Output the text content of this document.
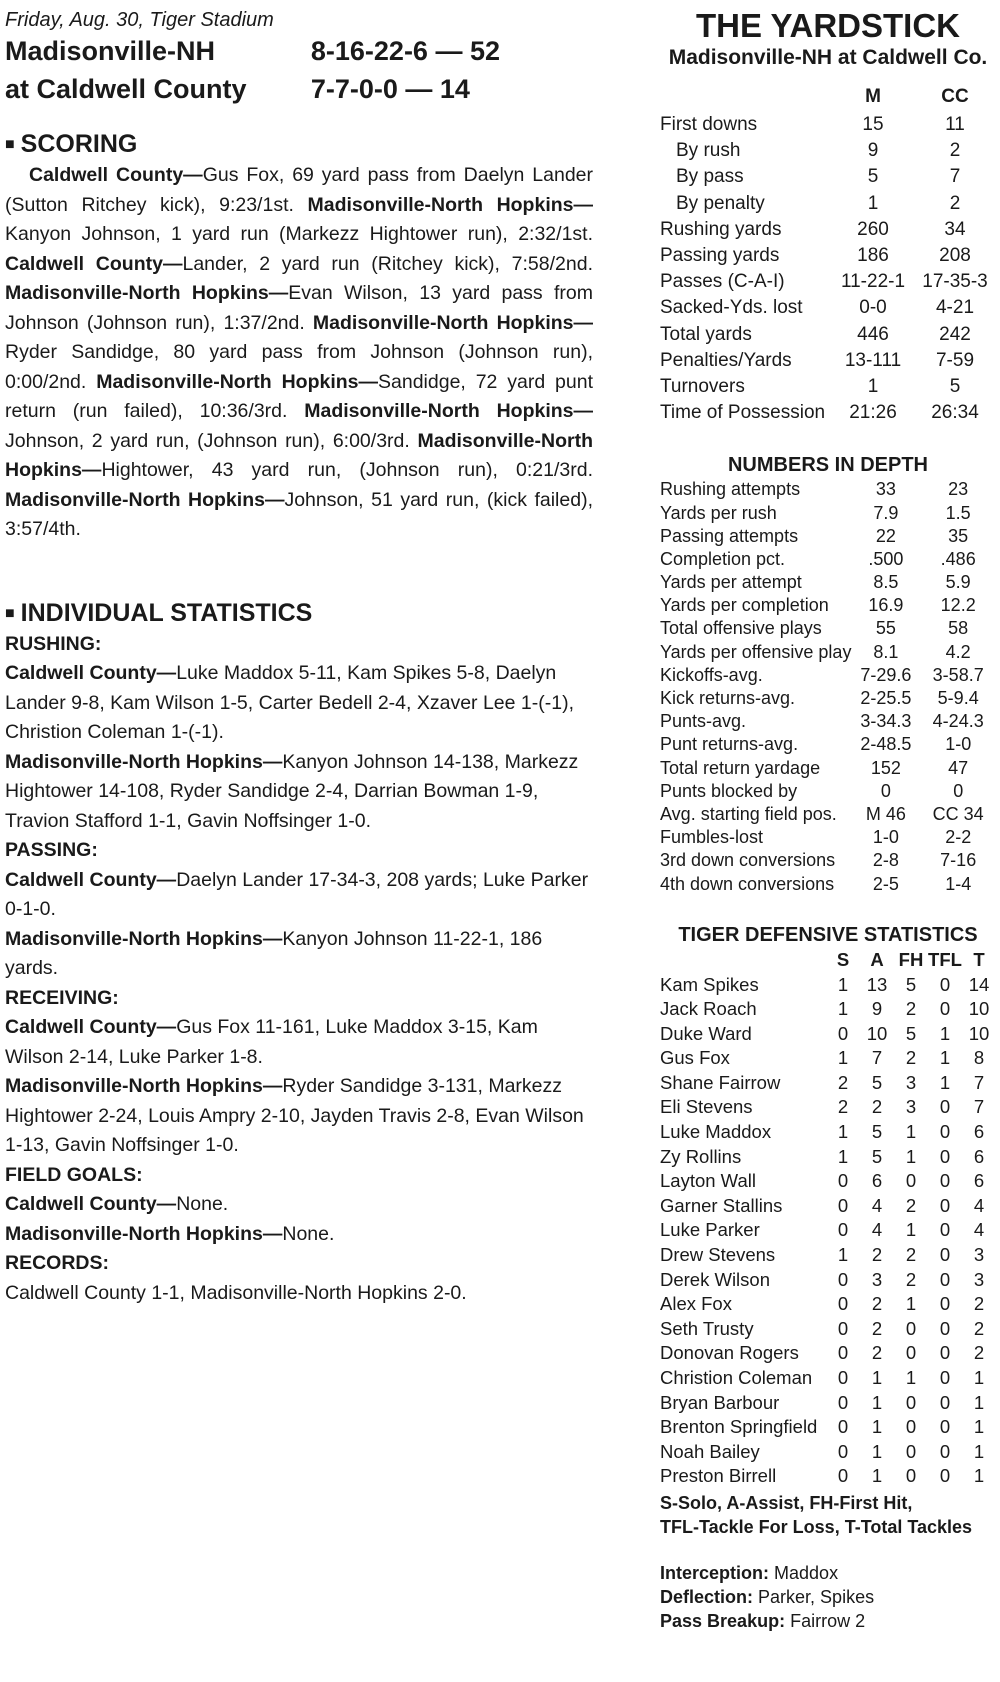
Friday, Aug. 30, Tiger Stadium
Madisonville-NH	8-16-22-6 — 52
at Caldwell County	7-7-0-0 — 14
■ SCORING
Caldwell County—Gus Fox, 69 yard pass from Daelyn Lander (Sutton Ritchey kick), 9:23/1st. Madisonville-North Hopkins—Kanyon Johnson, 1 yard run (Markezz Hightower run), 2:32/1st. Caldwell County—Lander, 2 yard run (Ritchey kick), 7:58/2nd. Madisonville-North Hopkins—Evan Wilson, 13 yard pass from Johnson (Johnson run), 1:37/2nd. Madisonville-North Hopkins—Ryder Sandidge, 80 yard pass from Johnson (Johnson run), 0:00/2nd. Madisonville-North Hopkins—Sandidge, 72 yard punt return (run failed), 10:36/3rd. Madisonville-North Hopkins—Johnson, 2 yard run, (Johnson run), 6:00/3rd. Madisonville-North Hopkins—Hightower, 43 yard run, (Johnson run), 0:21/3rd. Madisonville-North Hopkins—Johnson, 51 yard run, (kick failed), 3:57/4th.
■ INDIVIDUAL STATISTICS
RUSHING:
Caldwell County—Luke Maddox 5-11, Kam Spikes 5-8, Daelyn Lander 9-8, Kam Wilson 1-5, Carter Bedell 2-4, Xzaver Lee 1-(-1), Christion Coleman 1-(-1).
Madisonville-North Hopkins—Kanyon Johnson 14-138, Markezz Hightower 14-108, Ryder Sandidge 2-4, Darrian Bowman 1-9, Travion Stafford 1-1, Gavin Noffsinger 1-0.
PASSING:
Caldwell County—Daelyn Lander 17-34-3, 208 yards; Luke Parker 0-1-0.
Madisonville-North Hopkins—Kanyon Johnson 11-22-1, 186 yards.
RECEIVING:
Caldwell County—Gus Fox 11-161, Luke Maddox 3-15, Kam Wilson 2-14, Luke Parker 1-8.
Madisonville-North Hopkins—Ryder Sandidge 3-131, Markezz Hightower 2-24, Louis Ampry 2-10, Jayden Travis 2-8, Evan Wilson 1-13, Gavin Noffsinger 1-0.
FIELD GOALS:
Caldwell County—None.
Madisonville-North Hopkins—None.
RECORDS:
Caldwell County 1-1, Madisonville-North Hopkins 2-0.
THE YARDSTICK
Madisonville-NH at Caldwell Co.
	M	CC
First downs	15	11
By rush	9	2
By pass	5	7
By penalty	1	2
Rushing yards	260	34
Passing yards	186	208
Passes (C-A-I)	11-22-1	17-35-3
Sacked-Yds. lost	0-0	4-21
Total yards	446	242
Penalties/Yards	13-111	7-59
Turnovers	1	5
Time of Possession	21:26	26:34
NUMBERS IN DEPTH
Rushing attempts	33	23
Yards per rush	7.9	1.5
Passing attempts	22	35
Completion pct.	.500	.486
Yards per attempt	8.5	5.9
Yards per completion	16.9	12.2
Total offensive plays	55	58
Yards per offensive play	8.1	4.2
Kickoffs-avg.	7-29.6	3-58.7
Kick returns-avg.	2-25.5	5-9.4
Punts-avg.	3-34.3	4-24.3
Punt returns-avg.	2-48.5	1-0
Total return yardage	152	47
Punts blocked by	0	0
Avg. starting field pos.	M 46	CC 34
Fumbles-lost	1-0	2-2
3rd down conversions	2-8	7-16
4th down conversions	2-5	1-4
TIGER DEFENSIVE STATISTICS
	S	A	FH	TFL	T
Kam Spikes	1	13	5	0	14
Jack Roach	1	9	2	0	10
Duke Ward	0	10	5	1	10
Gus Fox	1	7	2	1	8
Shane Fairrow	2	5	3	1	7
Eli Stevens	2	2	3	0	7
Luke Maddox	1	5	1	0	6
Zy Rollins	1	5	1	0	6
Layton Wall	0	6	0	0	6
Garner Stallins	0	4	2	0	4
Luke Parker	0	4	1	0	4
Drew Stevens	1	2	2	0	3
Derek Wilson	0	3	2	0	3
Alex Fox	0	2	1	0	2
Seth Trusty	0	2	0	0	2
Donovan Rogers	0	2	0	0	2
Christion Coleman	0	1	1	0	1
Bryan Barbour	0	1	0	0	1
Brenton Springfield	0	1	0	0	1
Noah Bailey	0	1	0	0	1
Preston Birrell	0	1	0	0	1
S-Solo, A-Assist, FH-First Hit,
TFL-Tackle For Loss, T-Total Tackles
Interception: Maddox
Deflection: Parker, Spikes
Pass Breakup: Fairrow 2
